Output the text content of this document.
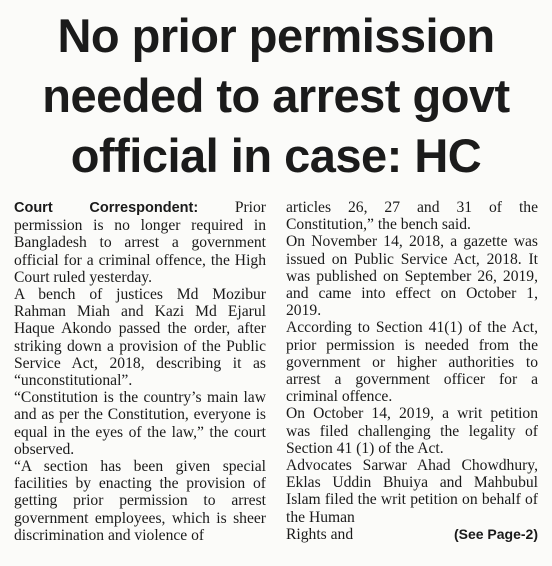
No prior permission
needed to arrest govt
official in case: HC

Court Correspondent: Prior permission is no longer required in Bangladesh to arrest a government official for a criminal offence, the High Court ruled yesterday.

A bench of justices Md Mozibur Rahman Miah and Kazi Md Ejarul Haque Akondo passed the order, after striking down a provision of the Public Service Act, 2018, describing it as “unconstitutional”.

“Constitution is the country’s main law and as per the Constitution, everyone is equal in the eyes of the law,” the court observed.

“A section has been given special facilities by enacting the provision of getting prior permission to arrest government employees, which is sheer discrimination and violence of

articles 26, 27 and 31 of the Constitution,” the bench said.

On November 14, 2018, a gazette was issued on Public Service Act, 2018. It was published on September 26, 2019, and came into effect on October 1, 2019.

According to Section 41(1) of the Act, prior permission is needed from the government or higher authorities to arrest a government officer for a criminal offence.

On October 14, 2019, a writ petition was filed challenging the legality of Section 41 (1) of the Act.

Advocates Sarwar Ahad Chowdhury, Eklas Uddin Bhuiya and Mahbubul Islam filed the writ petition on behalf of the Human

Rights and	(See Page-2)
